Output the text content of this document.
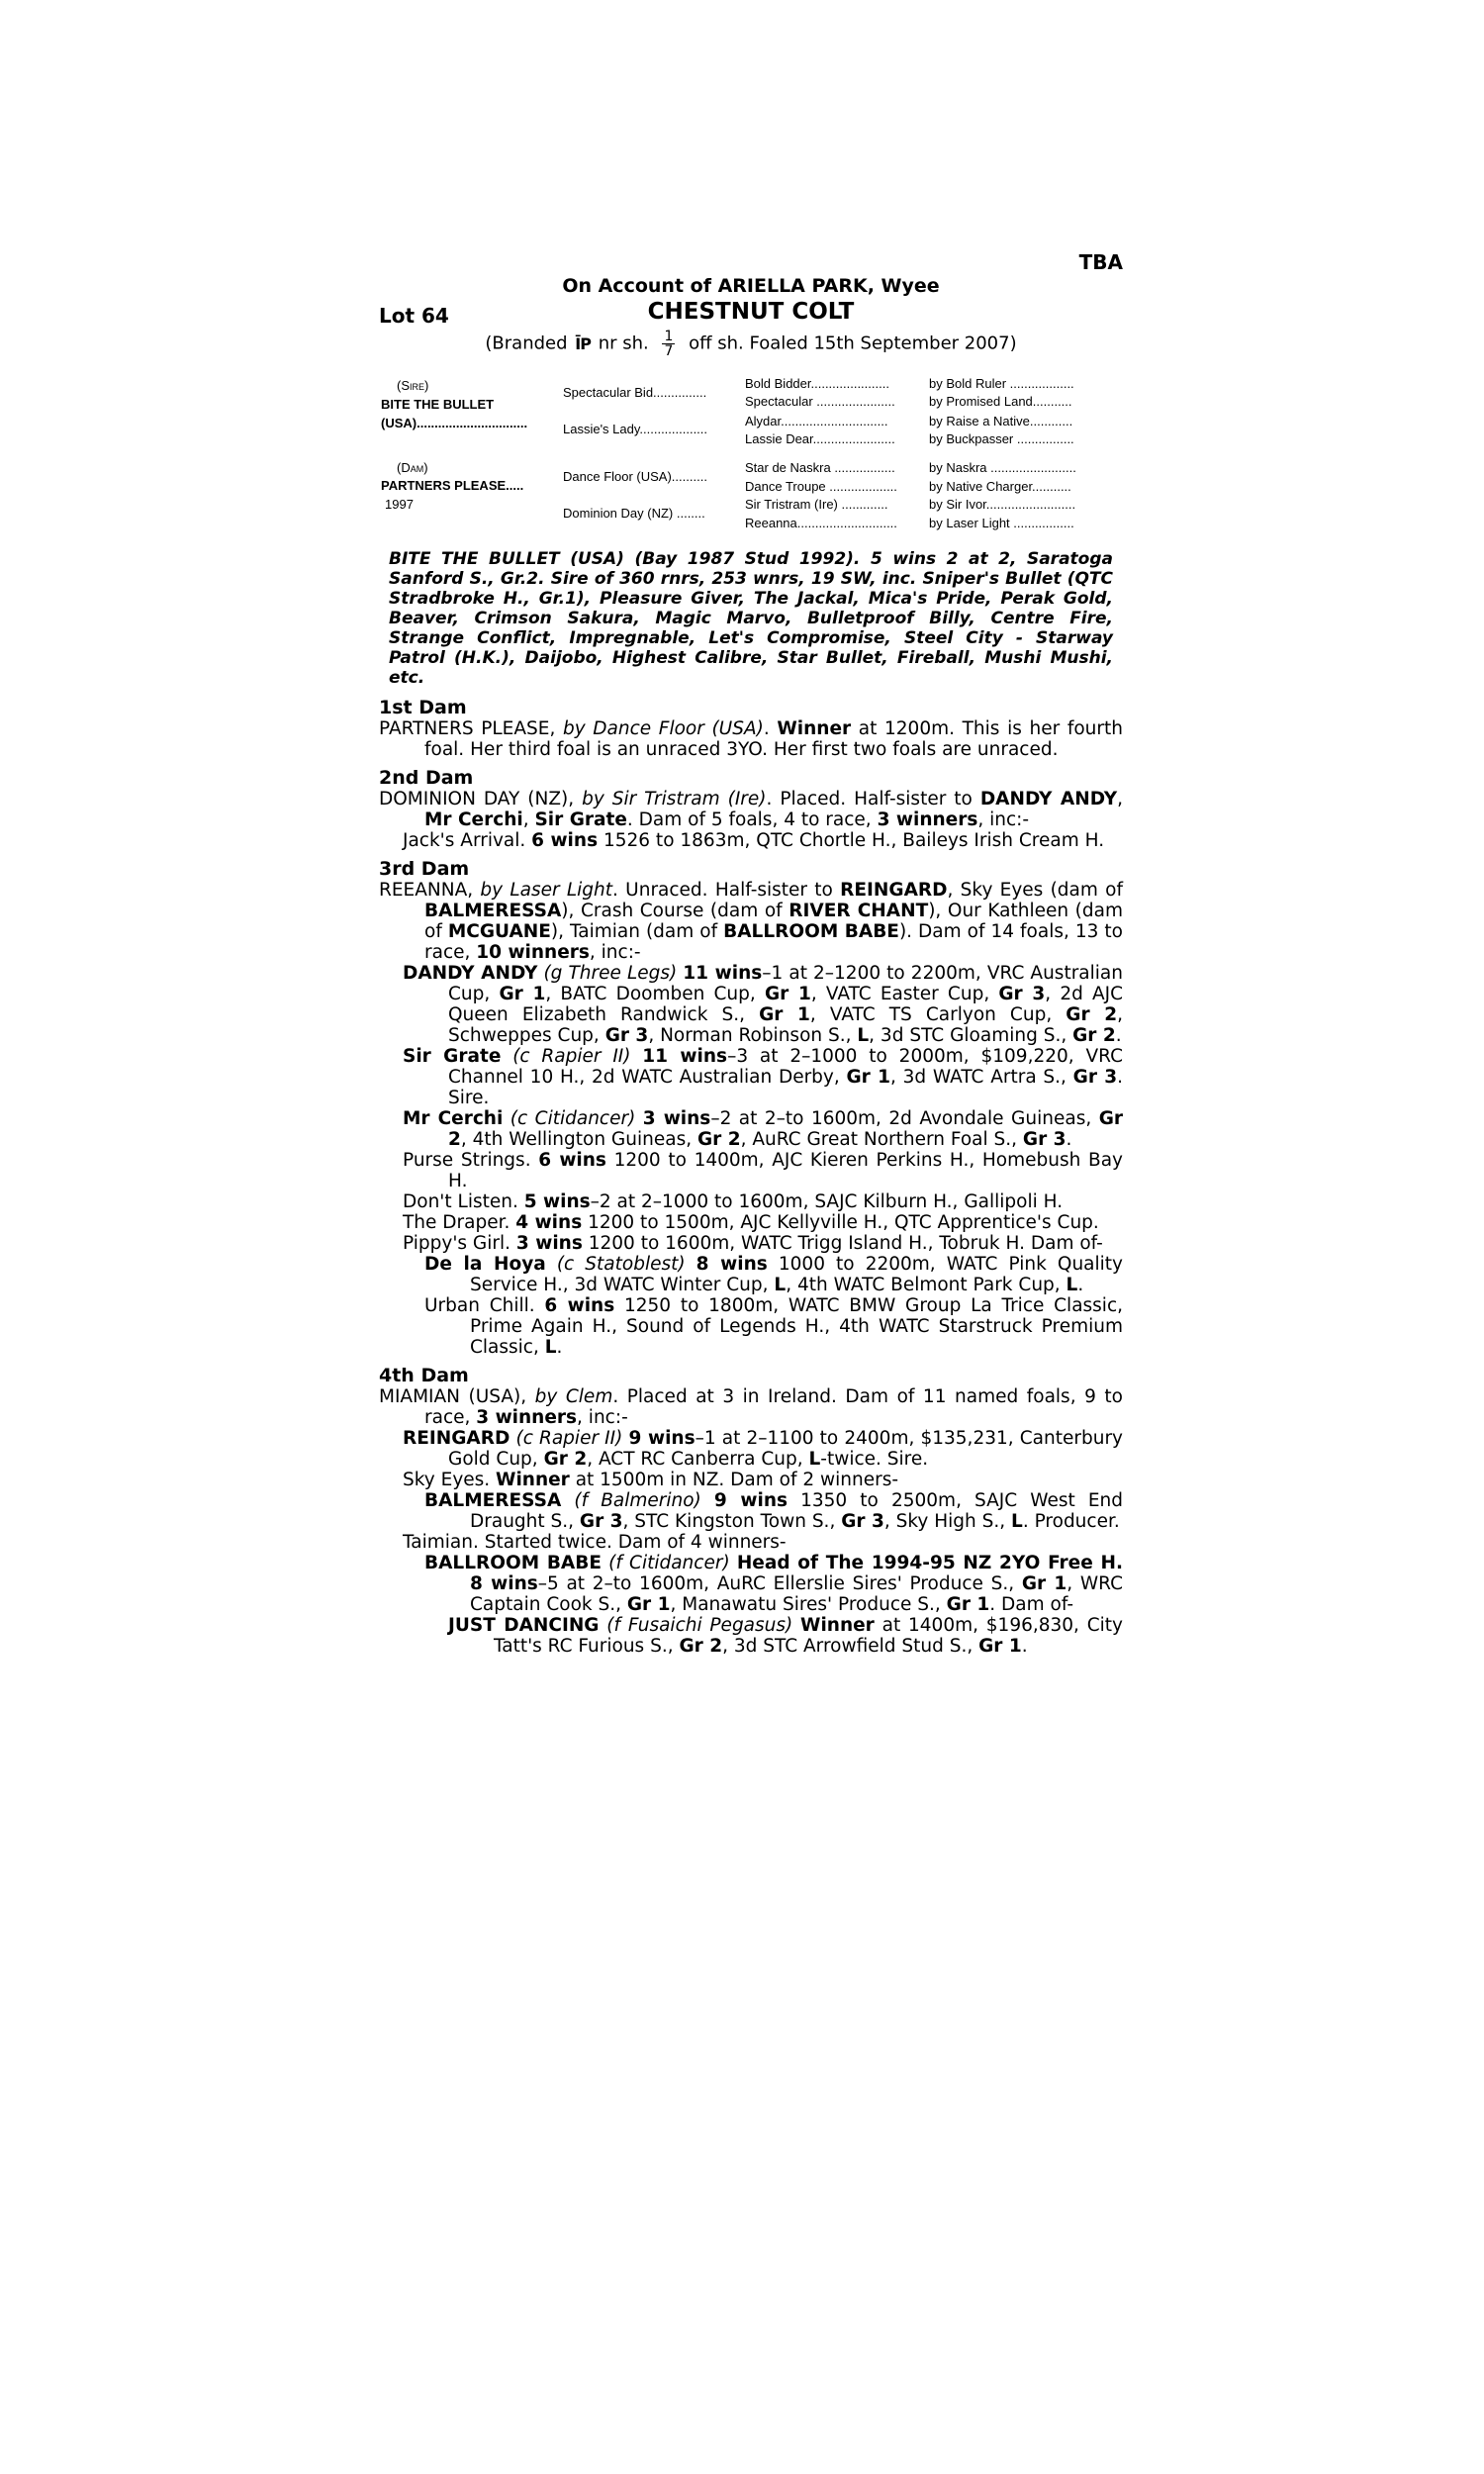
TBA
On Account of ARIELLA PARK, Wyee
Lot 64	CHESTNUT COLT
(Branded ĪP nr sh. $\frac{1}{7}$ off sh. Foaled 15th September 2007)
(Sire)
BITE THE BULLET
(USA)...............................
(Dam)
PARTNERS PLEASE.....
1997
Spectacular Bid...............
Lassie's Lady...................
Dance Floor (USA)..........
Dominion Day (NZ) ........
Bold Bidder......................
Spectacular ......................
Alydar..............................
Lassie Dear.......................
Star de Naskra .................
Dance Troupe ...................
Sir Tristram (Ire) .............
Reeanna............................
by Bold Ruler ..................
by Promised Land...........
by Raise a Native............
by Buckpasser ................
by Naskra ........................
by Native Charger...........
by Sir Ivor.........................
by Laser Light .................

BITE THE BULLET (USA) (Bay 1987 Stud 1992). 5 wins 2 at 2, Saratoga Sanford S., Gr.2. Sire of 360 rnrs, 253 wnrs, 19 SW, inc. Sniper's Bullet (QTC Stradbroke H., Gr.1), Pleasure Giver, The Jackal, Mica's Pride, Perak Gold, Beaver, Crimson Sakura, Magic Marvo, Bulletproof Billy, Centre Fire, Strange Conflict, Impregnable, Let's Compromise, Steel City - Starway Patrol (H.K.), Daijobo, Highest Calibre, Star Bullet, Fireball, Mushi Mushi, etc.

1st Dam

PARTNERS PLEASE, by Dance Floor (USA). Winner at 1200m. This is her fourth foal. Her third foal is an unraced 3YO. Her first two foals are unraced.

2nd Dam

DOMINION DAY (NZ), by Sir Tristram (Ire). Placed. Half-sister to DANDY ANDY, Mr Cerchi, Sir Grate. Dam of 5 foals, 4 to race, 3 winners, inc:-

Jack's Arrival. 6 wins 1526 to 1863m, QTC Chortle H., Baileys Irish Cream H.

3rd Dam

REEANNA, by Laser Light. Unraced. Half-sister to REINGARD, Sky Eyes (dam of BALMERESSA), Crash Course (dam of RIVER CHANT), Our Kathleen (dam of MCGUANE), Taimian (dam of BALLROOM BABE). Dam of 14 foals, 13 to race, 10 winners, inc:-

DANDY ANDY (g Three Legs) 11 wins–1 at 2–1200 to 2200m, VRC Australian Cup, Gr 1, BATC Doomben Cup, Gr 1, VATC Easter Cup, Gr 3, 2d AJC Queen Elizabeth Randwick S., Gr 1, VATC TS Carlyon Cup, Gr 2, Schweppes Cup, Gr 3, Norman Robinson S., L, 3d STC Gloaming S., Gr 2.

Sir Grate (c Rapier II) 11 wins–3 at 2–1000 to 2000m, $109,220, VRC Channel 10 H., 2d WATC Australian Derby, Gr 1, 3d WATC Artra S., Gr 3. Sire.

Mr Cerchi (c Citidancer) 3 wins–2 at 2–to 1600m, 2d Avondale Guineas, Gr 2, 4th Wellington Guineas, Gr 2, AuRC Great Northern Foal S., Gr 3.

Purse Strings. 6 wins 1200 to 1400m, AJC Kieren Perkins H., Homebush Bay H.

Don't Listen. 5 wins–2 at 2–1000 to 1600m, SAJC Kilburn H., Gallipoli H.

The Draper. 4 wins 1200 to 1500m, AJC Kellyville H., QTC Apprentice's Cup.

Pippy's Girl. 3 wins 1200 to 1600m, WATC Trigg Island H., Tobruk H. Dam of-

De la Hoya (c Statoblest) 8 wins 1000 to 2200m, WATC Pink Quality Service H., 3d WATC Winter Cup, L, 4th WATC Belmont Park Cup, L.

Urban Chill. 6 wins 1250 to 1800m, WATC BMW Group La Trice Classic, Prime Again H., Sound of Legends H., 4th WATC Starstruck Premium Classic, L.

4th Dam

MIAMIAN (USA), by Clem. Placed at 3 in Ireland. Dam of 11 named foals, 9 to race, 3 winners, inc:-

REINGARD (c Rapier II) 9 wins–1 at 2–1100 to 2400m, $135,231, Canterbury Gold Cup, Gr 2, ACT RC Canberra Cup, L-twice. Sire.

Sky Eyes. Winner at 1500m in NZ. Dam of 2 winners-

BALMERESSA (f Balmerino) 9 wins 1350 to 2500m, SAJC West End Draught S., Gr 3, STC Kingston Town S., Gr 3, Sky High S., L. Producer.

Taimian. Started twice. Dam of 4 winners-

BALLROOM BABE (f Citidancer) Head of The 1994-95 NZ 2YO Free H. 8 wins–5 at 2–to 1600m, AuRC Ellerslie Sires' Produce S., Gr 1, WRC Captain Cook S., Gr 1, Manawatu Sires' Produce S., Gr 1. Dam of-

JUST DANCING (f Fusaichi Pegasus) Winner at 1400m, $196,830, City Tatt's RC Furious S., Gr 2, 3d STC Arrowfield Stud S., Gr 1.
